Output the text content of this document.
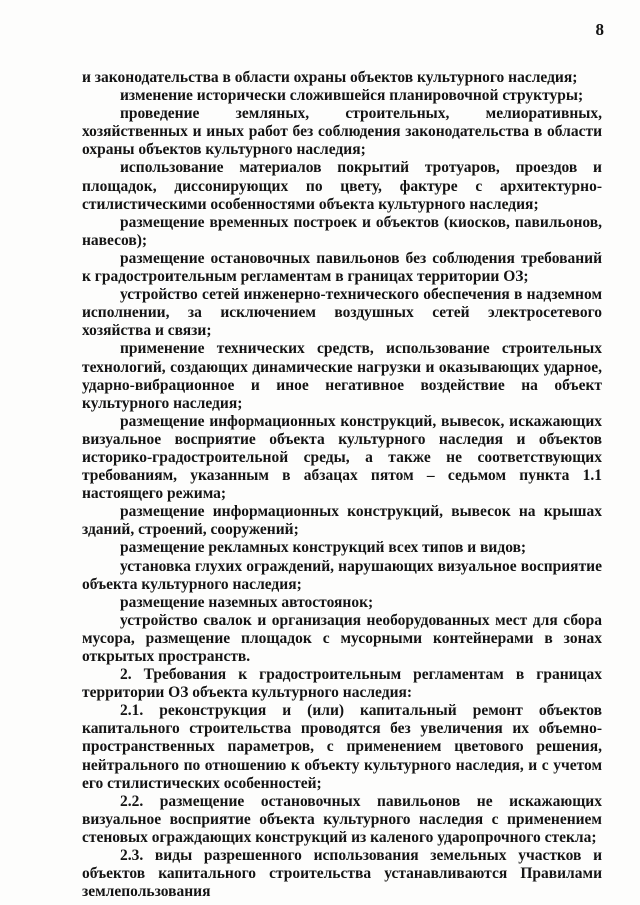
8

и законодательства в области охраны объектов культурного наследия;

изменение исторически сложившейся планировочной структуры;

проведение земляных, строительных, мелиоративных, хозяйственных и иных работ без соблюдения законодательства в области охраны объектов культурного наследия;

использование материалов покрытий тротуаров, проездов и площадок, диссонирующих по цвету, фактуре с архитектурно-стилистическими особенностями объекта культурного наследия;

размещение временных построек и объектов (киосков, павильонов, навесов);

размещение остановочных павильонов без соблюдения требований к градостроительным регламентам в границах территории ОЗ;

устройство сетей инженерно-технического обеспечения в надземном исполнении, за исключением воздушных сетей электросетевого хозяйства и связи;

применение технических средств, использование строительных технологий, создающих динамические нагрузки и оказывающих ударное, ударно-вибрационное и иное негативное воздействие на объект культурного наследия;

размещение информационных конструкций, вывесок, искажающих визуальное восприятие объекта культурного наследия и объектов историко-градостроительной среды, а также не соответствующих требованиям, указанным в абзацах пятом – седьмом пункта 1.1 настоящего режима;

размещение информационных конструкций, вывесок на крышах зданий, строений, сооружений;

размещение рекламных конструкций всех типов и видов;

установка глухих ограждений, нарушающих визуальное восприятие объекта культурного наследия;

размещение наземных автостоянок;

устройство свалок и организация необорудованных мест для сбора мусора, размещение площадок с мусорными контейнерами в зонах открытых пространств.

2. Требования к градостроительным регламентам в границах территории ОЗ объекта культурного наследия:

2.1. реконструкция и (или) капитальный ремонт объектов капитального строительства проводятся без увеличения их объемно-пространственных параметров, с применением цветового решения, нейтрального по отношению к объекту культурного наследия, и с учетом его стилистических особенностей;

2.2. размещение остановочных павильонов не искажающих визуальное восприятие объекта культурного наследия с применением стеновых ограждающих конструкций из каленого ударопрочного стекла;

2.3. виды разрешенного использования земельных участков и объектов капитального строительства устанавливаются Правилами землепользования
